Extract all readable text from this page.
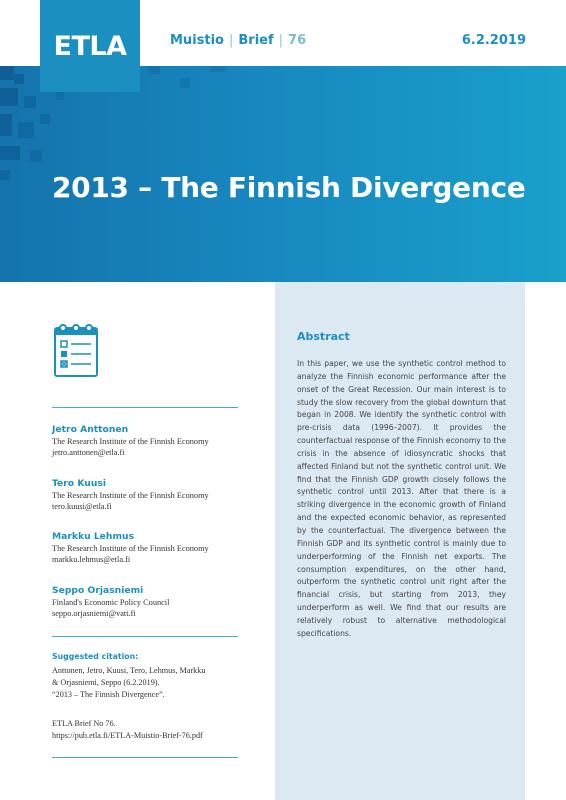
ETLA	Muistio | Brief | 76	6.2.2019
2013 – The Finnish Divergence
Abstract
In this paper, we use the synthetic control method to analyze the Finnish economic performance after the onset of the Great Recession. Our main interest is to study the slow recovery from the global downturn that began in 2008. We identify the synthetic control with pre-crisis data (1996–2007). It provides the counterfactual response of the Finnish economy to the crisis in the absence of idiosyncratic shocks that affected Finland but not the synthetic control unit. We find that the Finnish GDP growth closely follows the synthetic control until 2013. After that there is a striking divergence in the economic growth of Finland and the expected economic behavior, as represented by the counterfactual. The divergence between the Finnish GDP and its synthetic control is mainly due to underperforming of the Finnish net exports. The consumption expenditures, on the other hand, outperform the synthetic control unit right after the financial crisis, but starting from 2013, they underperform as well. We find that our results are relatively robust to alternative methodological specifications.
Jetro Anttonen
The Research Institute of the Finnish Economy
jetro.anttonen@etla.fi
Tero Kuusi
The Research Institute of the Finnish Economy
tero.kuusi@etla.fi
Markku Lehmus
The Research Institute of the Finnish Economy
markku.lehmus@etla.fi
Seppo Orjasniemi
Finland's Economic Policy Council
seppo.orjasniemi@vatt.fi
Suggested citation:
Anttonen, Jetro, Kuusi, Tero, Lehmus, Markku
& Orjasniemi, Seppo (6.2.2019).
“2013 – The Finnish Divergence”.
ETLA Brief No 76.
https://pub.etla.fi/ETLA-Muistio-Brief-76.pdf
